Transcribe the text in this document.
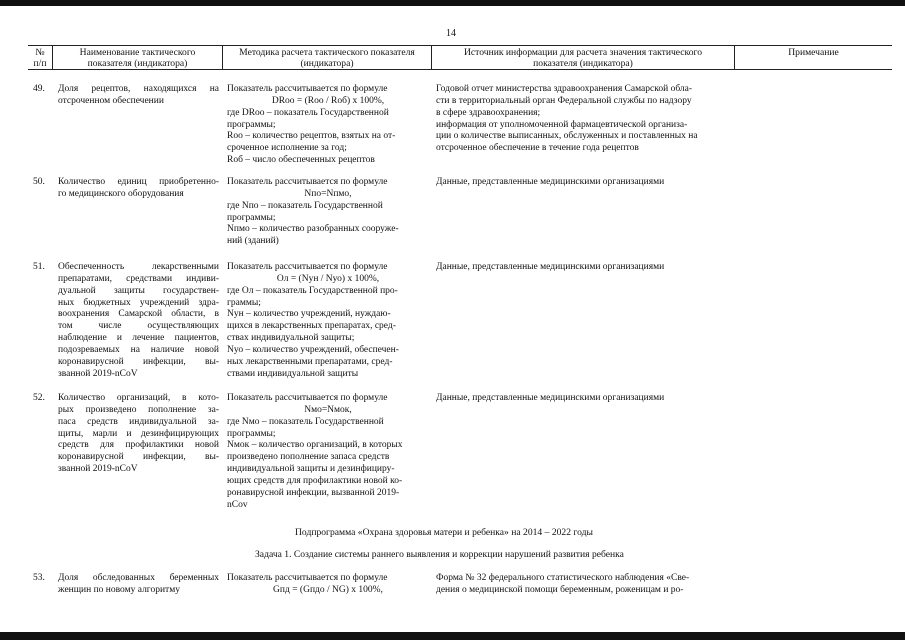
14
№
п/п
Наименование тактического
показателя (индикатора)
Методика расчета тактического показателя
(индикатора)
Источник информации для расчета значения тактического
показателя (индикатора)
Примечание
49. Доля рецептов, находящихся на
отсроченном обеспечении
Показатель рассчитывается по формуле
DRoo = (Roo / Rоб) x 100%,
где DRoo – показатель Государственной
программы;
Roo – количество рецептов, взятых на от-
сроченное исполнение за год;
Rоб – число обеспеченных рецептов
Годовой отчет министерства здравоохранения Самарской обла-
сти в территориальный орган Федеральной службы по надзору
в сфере здравоохранения;
информация от уполномоченной фармацевтической организа-
ции о количестве выписанных, обслуженных и поставленных на
отсроченное обеспечение в течение года рецептов
50. Количество единиц приобретенно-
го медицинского оборудования
Показатель рассчитывается по формуле
Nпо=Nпмо,
где Nпо – показатель Государственной
программы;
Nпмо – количество разобранных сооруже-
ний (зданий)
Данные, представленные медицинскими организациями
51. Обеспеченность лекарственными
препаратами, средствами индиви-
дуальной защиты государствен-
ных бюджетных учреждений здра-
воохранения Самарской области, в
том числе осуществляющих
наблюдение и лечение пациентов,
подозреваемых на наличие новой
коронавирусной инфекции, вы-
званной 2019-nCoV
Показатель рассчитывается по формуле
Oл = (Nун / Nуо) x 100%,
где Oл – показатель Государственной про-
граммы;
Nун – количество учреждений, нуждаю-
щихся в лекарственных препаратах, сред-
ствах индивидуальной защиты;
Nуо – количество учреждений, обеспечен-
ных лекарственными препаратами, сред-
ствами индивидуальной защиты
Данные, представленные медицинскими организациями
52. Количество организаций, в кото-
рых произведено пополнение за-
паса средств индивидуальной за-
щиты, марли и дезинфицирующих
средств для профилактики новой
коронавирусной инфекции, вы-
званной 2019-nCoV
Показатель рассчитывается по формуле
Nмо=Nмок,
где Nмо – показатель Государственной
программы;
Nмок – количество организаций, в которых
произведено пополнение запаса средств
индивидуальной защиты и дезинфициру-
ющих средств для профилактики новой ко-
ронавирусной инфекции, вызванной 2019-
nCov
Данные, представленные медицинскими организациями
53. Доля обследованных беременных
женщин по новому алгоритму
Показатель рассчитывается по формуле
Gпд = (Gпдо / NG) x 100%,
Форма № 32 федерального статистического наблюдения «Све-
дения о медицинской помощи беременным, роженицам и ро-
Подпрограмма «Охрана здоровья матери и ребенка» на 2014 – 2022 годы
Задача 1. Создание системы раннего выявления и коррекции нарушений развития ребенка
